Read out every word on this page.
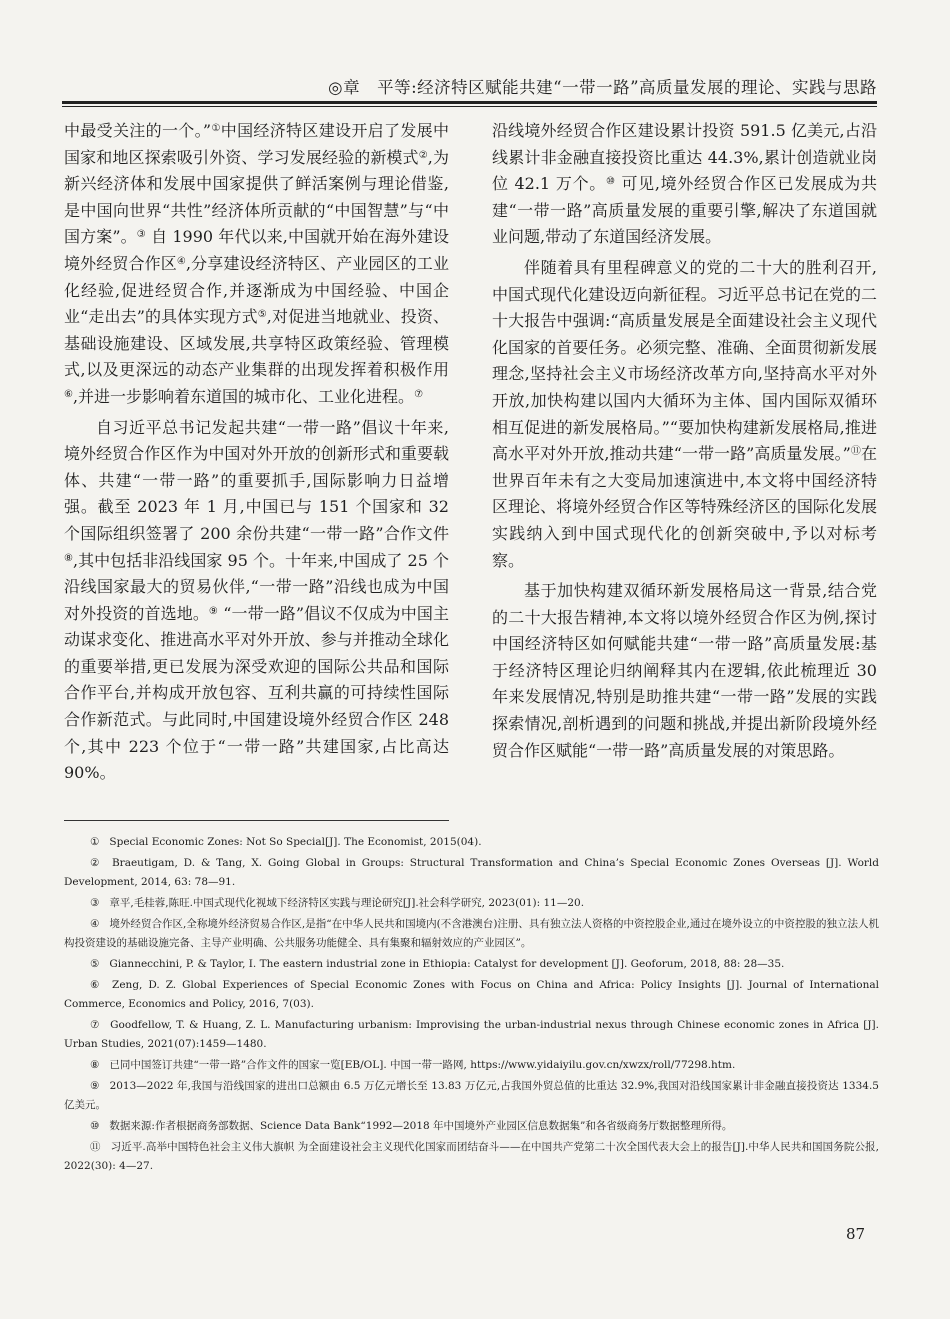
◎章　平等:经济特区赋能共建“一带一路”高质量发展的理论、实践与思路

中最受关注的一个。”①中国经济特区建设开启了发展中国家和地区探索吸引外资、学习发展经验的新模式②,为新兴经济体和发展中国家提供了鲜活案例与理论借鉴,是中国向世界“共性”经济体所贡献的“中国智慧”与“中国方案”。③ 自 1990 年代以来,中国就开始在海外建设境外经贸合作区④,分享建设经济特区、产业园区的工业化经验,促进经贸合作,并逐渐成为中国经验、中国企业“走出去”的具体实现方式⑤,对促进当地就业、投资、基础设施建设、区域发展,共享特区政策经验、管理模式,以及更深远的动态产业集群的出现发挥着积极作用⑥,并进一步影响着东道国的城市化、工业化进程。⑦

自习近平总书记发起共建“一带一路”倡议十年来,境外经贸合作区作为中国对外开放的创新形式和重要载体、共建“一带一路”的重要抓手,国际影响力日益增强。截至 2023 年 1 月,中国已与 151 个国家和 32 个国际组织签署了 200 余份共建“一带一路”合作文件⑧,其中包括非沿线国家 95 个。十年来,中国成了 25 个沿线国家最大的贸易伙伴,“一带一路”沿线也成为中国对外投资的首选地。⑨ “一带一路”倡议不仅成为中国主动谋求变化、推进高水平对外开放、参与并推动全球化的重要举措,更已发展为深受欢迎的国际公共品和国际合作平台,并构成开放包容、互利共赢的可持续性国际合作新范式。与此同时,中国建设境外经贸合作区 248 个,其中 223 个位于“一带一路”共建国家,占比高达 90%。

沿线境外经贸合作区建设累计投资 591.5 亿美元,占沿线累计非金融直接投资比重达 44.3%,累计创造就业岗位 42.1 万个。⑩ 可见,境外经贸合作区已发展成为共建“一带一路”高质量发展的重要引擎,解决了东道国就业问题,带动了东道国经济发展。

伴随着具有里程碑意义的党的二十大的胜利召开,中国式现代化建设迈向新征程。习近平总书记在党的二十大报告中强调:“高质量发展是全面建设社会主义现代化国家的首要任务。必须完整、准确、全面贯彻新发展理念,坚持社会主义市场经济改革方向,坚持高水平对外开放,加快构建以国内大循环为主体、国内国际双循环相互促进的新发展格局。”“要加快构建新发展格局,推进高水平对外开放,推动共建“一带一路”高质量发展。”⑪在世界百年未有之大变局加速演进中,本文将中国经济特区理论、将境外经贸合作区等特殊经济区的国际化发展实践纳入到中国式现代化的创新突破中,予以对标考察。

基于加快构建双循环新发展格局这一背景,结合党的二十大报告精神,本文将以境外经贸合作区为例,探讨中国经济特区如何赋能共建“一带一路”高质量发展:基于经济特区理论归纳阐释其内在逻辑,依此梳理近 30 年来发展情况,特别是助推共建“一带一路”发展的实践探索情况,剖析遇到的问题和挑战,并提出新阶段境外经贸合作区赋能“一带一路”高质量发展的对策思路。

① Special Economic Zones: Not So Special[J]. The Economist, 2015(04).

② Braeutigam, D. & Tang, X. Going Global in Groups: Structural Transformation and China’s Special Economic Zones Overseas [J]. World Development, 2014, 63: 78—91.

③ 章平,毛桂蓉,陈旺.中国式现代化视域下经济特区实践与理论研究[J].社会科学研究, 2023(01): 11—20.

④ 境外经贸合作区,全称境外经济贸易合作区,是指“在中华人民共和国境内(不含港澳台)注册、具有独立法人资格的中资控股企业,通过在境外设立的中资控股的独立法人机构投资建设的基础设施完备、主导产业明确、公共服务功能健全、具有集聚和辐射效应的产业园区”。

⑤ Giannecchini, P. & Taylor, I. The eastern industrial zone in Ethiopia: Catalyst for development [J]. Geoforum, 2018, 88: 28—35.

⑥ Zeng, D. Z. Global Experiences of Special Economic Zones with Focus on China and Africa: Policy Insights [J]. Journal of International Commerce, Economics and Policy, 2016, 7(03).

⑦ Goodfellow, T. & Huang, Z. L. Manufacturing urbanism: Improvising the urban-industrial nexus through Chinese economic zones in Africa [J]. Urban Studies, 2021(07):1459—1480.

⑧ 已同中国签订共建“一带一路”合作文件的国家一览[EB/OL]. 中国一带一路网, https://www.yidaiyilu.gov.cn/xwzx/roll/77298.htm.

⑨ 2013—2022 年,我国与沿线国家的进出口总额由 6.5 万亿元增长至 13.83 万亿元,占我国外贸总值的比重达 32.9%,我国对沿线国家累计非金融直接投资达 1334.5 亿美元。

⑩ 数据来源:作者根据商务部数据、Science Data Bank“1992—2018 年中国境外产业园区信息数据集”和各省级商务厅数据整理所得。

⑪ 习近平.高举中国特色社会主义伟大旗帜 为全面建设社会主义现代化国家而团结奋斗——在中国共产党第二十次全国代表大会上的报告[J].中华人民共和国国务院公报, 2022(30): 4—27.

87
